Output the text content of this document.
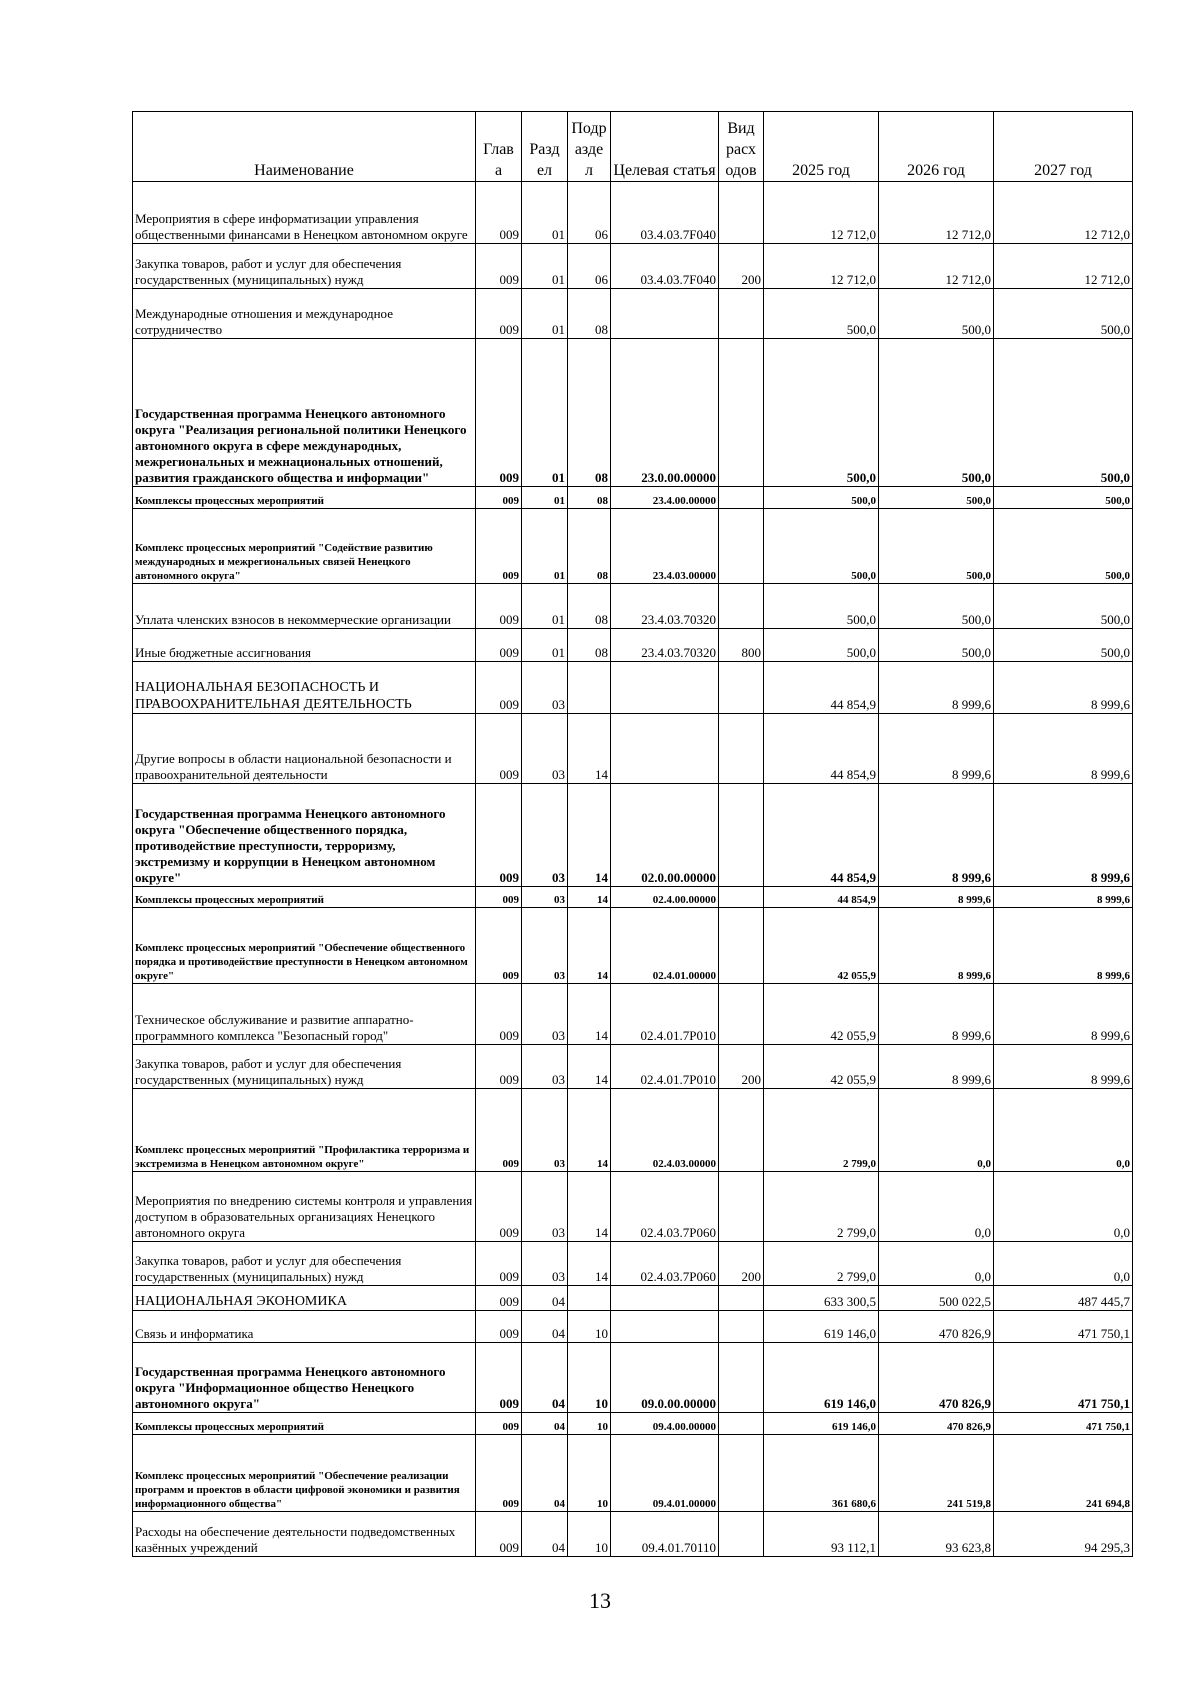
Наименование	Глав а	Разд ел	Подр азде л	Целевая статья	Вид расх одов	2025 год	2026 год	2027 год
Мероприятия в сфере информатизации управления общественными финансами в Ненецком автономном округе	009	01	06	03.4.03.7F040		12 712,0	12 712,0	12 712,0
Закупка товаров, работ и услуг для обеспечения государственных (муниципальных) нужд	009	01	06	03.4.03.7F040	200	12 712,0	12 712,0	12 712,0
Международные отношения и международное сотрудничество	009	01	08			500,0	500,0	500,0
Государственная программа Ненецкого автономного округа "Реализация региональной политики Ненецкого автономного округа в сфере международных, межрегиональных и межнациональных отношений, развития гражданского общества и информации"	009	01	08	23.0.00.00000		500,0	500,0	500,0
Комплексы процессных мероприятий	009	01	08	23.4.00.00000		500,0	500,0	500,0
Комплекс процессных мероприятий "Содействие развитию международных и межрегиональных связей Ненецкого автономного округа"	009	01	08	23.4.03.00000		500,0	500,0	500,0
Уплата членских взносов в некоммерческие организации	009	01	08	23.4.03.70320		500,0	500,0	500,0
Иные бюджетные ассигнования	009	01	08	23.4.03.70320	800	500,0	500,0	500,0
НАЦИОНАЛЬНАЯ БЕЗОПАСНОСТЬ И ПРАВООХРАНИТЕЛЬНАЯ ДЕЯТЕЛЬНОСТЬ	009	03				44 854,9	8 999,6	8 999,6
Другие вопросы в области национальной безопасности и правоохранительной деятельности	009	03	14			44 854,9	8 999,6	8 999,6
Государственная программа Ненецкого автономного округа "Обеспечение общественного порядка, противодействие преступности, терроризму, экстремизму и коррупции в Ненецком автономном округе"	009	03	14	02.0.00.00000		44 854,9	8 999,6	8 999,6
Комплексы процессных мероприятий	009	03	14	02.4.00.00000		44 854,9	8 999,6	8 999,6
Комплекс процессных мероприятий "Обеспечение общественного порядка и противодействие преступности в Ненецком автономном округе"	009	03	14	02.4.01.00000		42 055,9	8 999,6	8 999,6
Техническое обслуживание и развитие аппаратно-программного комплекса "Безопасный город"	009	03	14	02.4.01.7P010		42 055,9	8 999,6	8 999,6
Закупка товаров, работ и услуг для обеспечения государственных (муниципальных) нужд	009	03	14	02.4.01.7P010	200	42 055,9	8 999,6	8 999,6
Комплекс процессных мероприятий "Профилактика терроризма и экстремизма в Ненецком автономном округе"	009	03	14	02.4.03.00000		2 799,0	0,0	0,0
Мероприятия по внедрению системы контроля и управления доступом в образовательных организациях Ненецкого автономного округа	009	03	14	02.4.03.7P060		2 799,0	0,0	0,0
Закупка товаров, работ и услуг для обеспечения государственных (муниципальных) нужд	009	03	14	02.4.03.7P060	200	2 799,0	0,0	0,0
НАЦИОНАЛЬНАЯ ЭКОНОМИКА	009	04				633 300,5	500 022,5	487 445,7
Связь и информатика	009	04	10			619 146,0	470 826,9	471 750,1
Государственная программа Ненецкого автономного округа "Информационное общество Ненецкого автономного округа"	009	04	10	09.0.00.00000		619 146,0	470 826,9	471 750,1
Комплексы процессных мероприятий	009	04	10	09.4.00.00000		619 146,0	470 826,9	471 750,1
Комплекс процессных мероприятий "Обеспечение реализации программ и проектов в области цифровой экономики и развития информационного общества"	009	04	10	09.4.01.00000		361 680,6	241 519,8	241 694,8
Расходы на обеспечение деятельности подведомственных казённых учреждений	009	04	10	09.4.01.70110		93 112,1	93 623,8	94 295,3
13
